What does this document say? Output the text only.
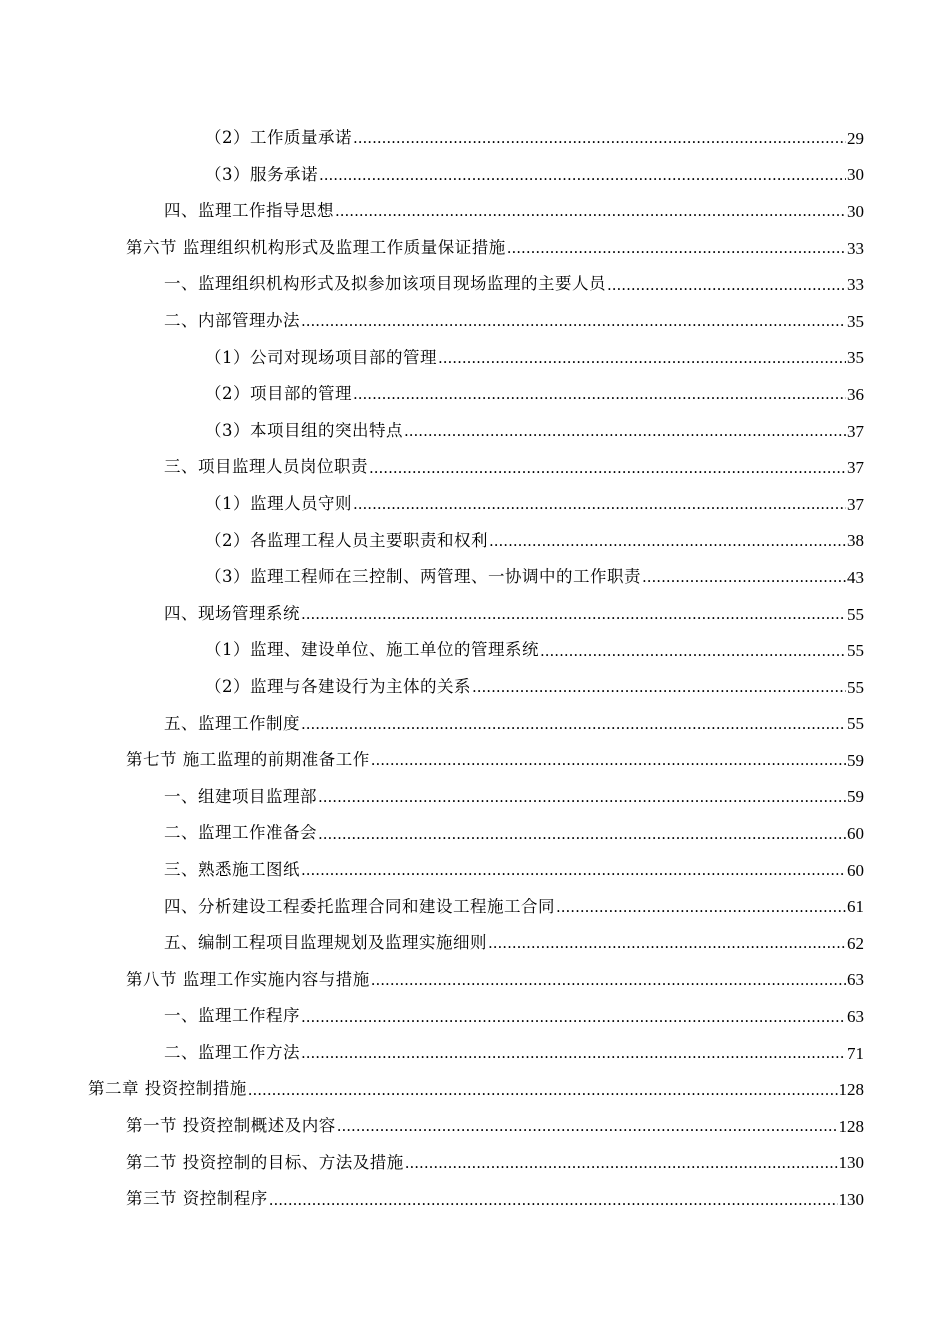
（2）工作质量承诺 .....	29
（3）服务承诺 .....	30
四、监理工作指导思想 .....	30
第六节 监理组织机构形式及监理工作质量保证措施 .....	33
一、监理组织机构形式及拟参加该项目现场监理的主要人员 .....	33
二、内部管理办法 .....	35
（1）公司对现场项目部的管理 .....	35
（2）项目部的管理 .....	36
（3）本项目组的突出特点 .....	37
三、项目监理人员岗位职责 .....	37
（1）监理人员守则 .....	37
（2）各监理工程人员主要职责和权利 .....	38
（3）监理工程师在三控制、两管理、一协调中的工作职责 .....	43
四、现场管理系统 .....	55
（1）监理、建设单位、施工单位的管理系统 .....	55
（2）监理与各建设行为主体的关系 .....	55
五、监理工作制度 .....	55
第七节 施工监理的前期准备工作 .....	59
一、组建项目监理部 .....	59
二、监理工作准备会 .....	60
三、熟悉施工图纸 .....	60
四、分析建设工程委托监理合同和建设工程施工合同 .....	61
五、编制工程项目监理规划及监理实施细则 .....	62
第八节 监理工作实施内容与措施 .....	63
一、监理工作程序 .....	63
二、监理工作方法 .....	71
第二章 投资控制措施 .....	128
第一节 投资控制概述及内容 .....	128
第二节 投资控制的目标、方法及措施 .....	130
第三节 资控制程序 .....	130
